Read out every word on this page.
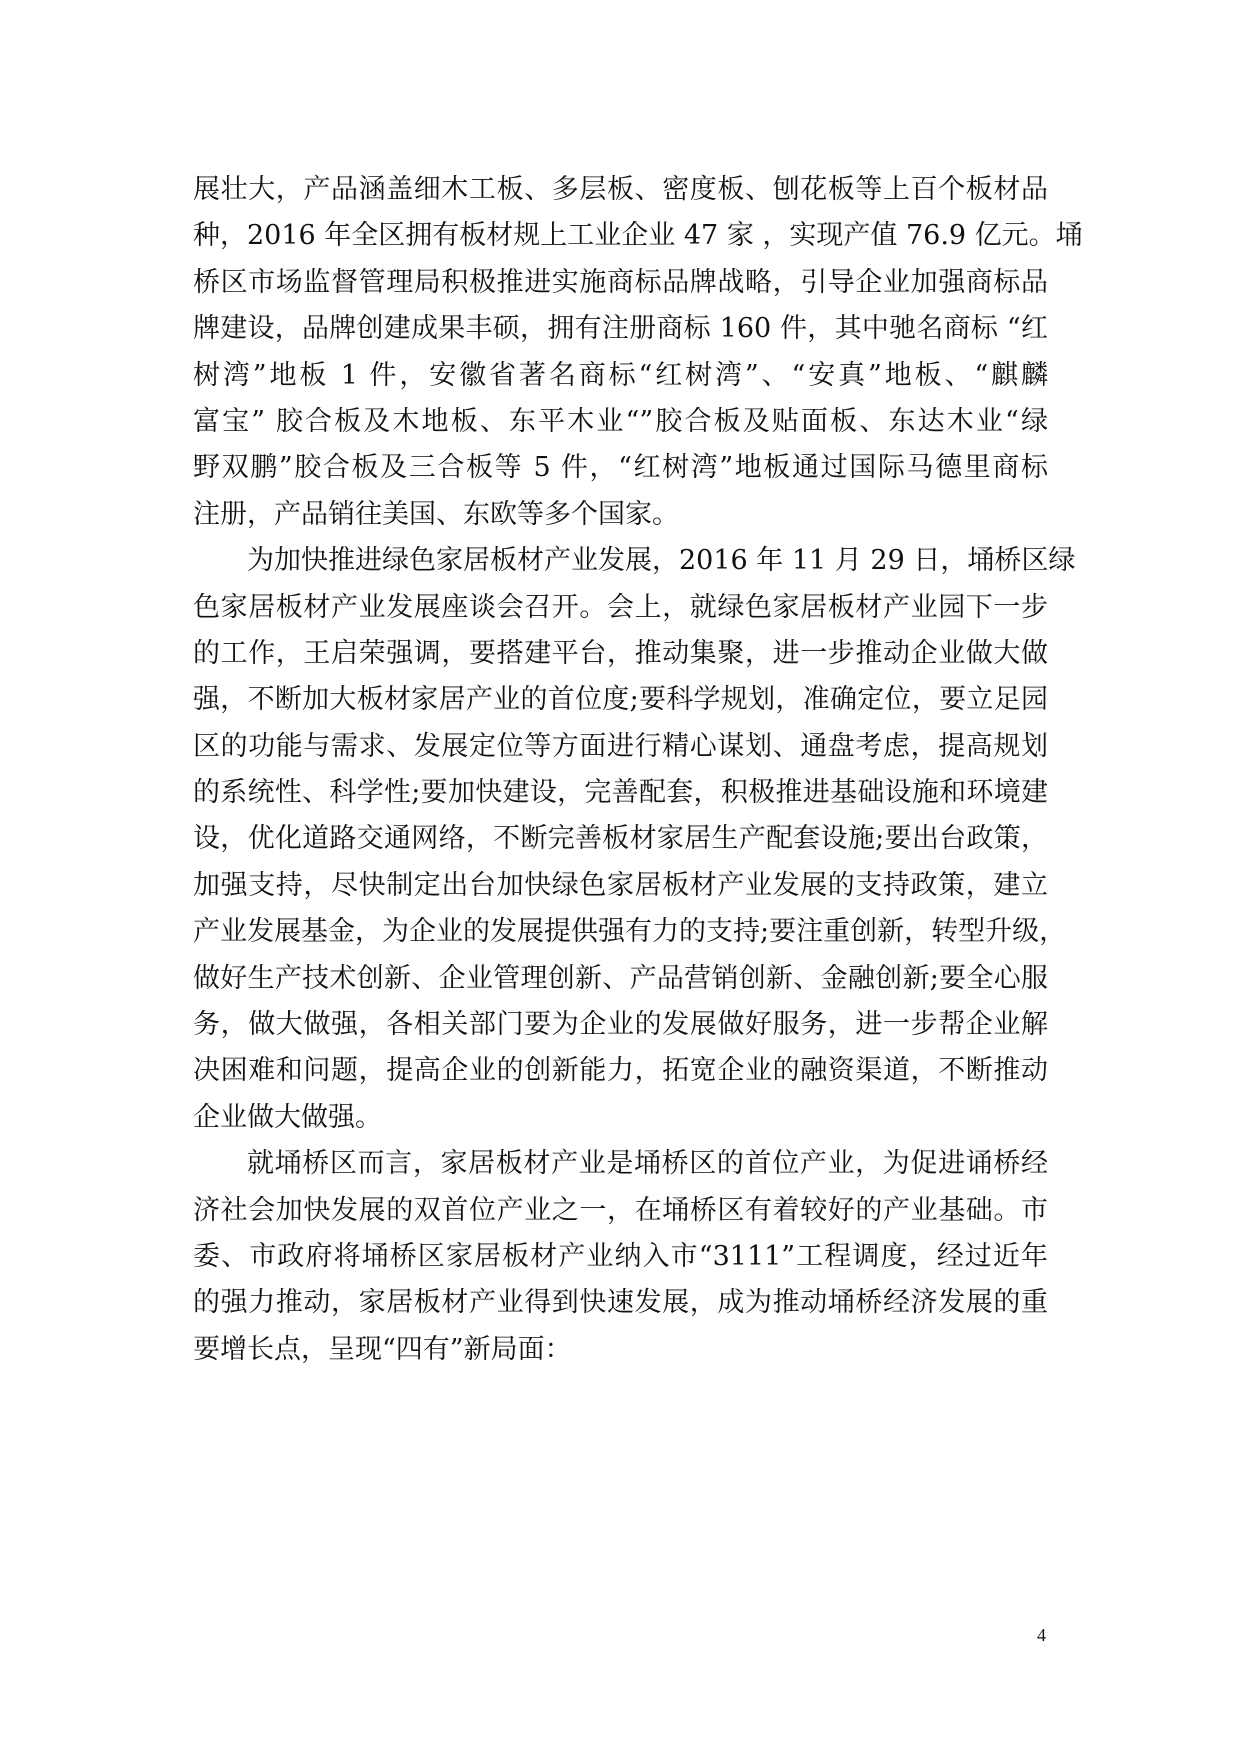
展壮大，产品涵盖细木工板、多层板、密度板、刨花板等上百个板材品
种，2016 年全区拥有板材规上工业企业 47 家 ，实现产值 76.9 亿元。埇
桥区市场监督管理局积极推进实施商标品牌战略，引导企业加强商标品
牌建设，品牌创建成果丰硕，拥有注册商标 160 件，其中驰名商标 “红
树湾”地板 1 件，安徽省著名商标“红树湾”、“安真”地板、“麒麟
富宝” 胶合板及木地板、东平木业“”胶合板及贴面板、东达木业“绿
野双鹏”胶合板及三合板等 5 件，“红树湾”地板通过国际马德里商标
注册，产品销往美国、东欧等多个国家。
为加快推进绿色家居板材产业发展，2016 年 11 月 29 日，埇桥区绿
色家居板材产业发展座谈会召开。会上，就绿色家居板材产业园下一步
的工作，王启荣强调，要搭建平台，推动集聚，进一步推动企业做大做
强，不断加大板材家居产业的首位度;要科学规划，准确定位，要立足园
区的功能与需求、发展定位等方面进行精心谋划、通盘考虑，提高规划
的系统性、科学性;要加快建设，完善配套，积极推进基础设施和环境建
设，优化道路交通网络，不断完善板材家居生产配套设施;要出台政策，
加强支持，尽快制定出台加快绿色家居板材产业发展的支持政策，建立
产业发展基金，为企业的发展提供强有力的支持;要注重创新，转型升级，
做好生产技术创新、企业管理创新、产品营销创新、金融创新;要全心服
务，做大做强，各相关部门要为企业的发展做好服务，进一步帮企业解
决困难和问题，提高企业的创新能力，拓宽企业的融资渠道，不断推动
企业做大做强。
就埇桥区而言，家居板材产业是埇桥区的首位产业，为促进诵桥经
济社会加快发展的双首位产业之一，在埇桥区有着较好的产业基础。市
委、市政府将埇桥区家居板材产业纳入市“3111”工程调度，经过近年
的强力推动，家居板材产业得到快速发展，成为推动埇桥经济发展的重
要增长点，呈现“四有”新局面：
4
